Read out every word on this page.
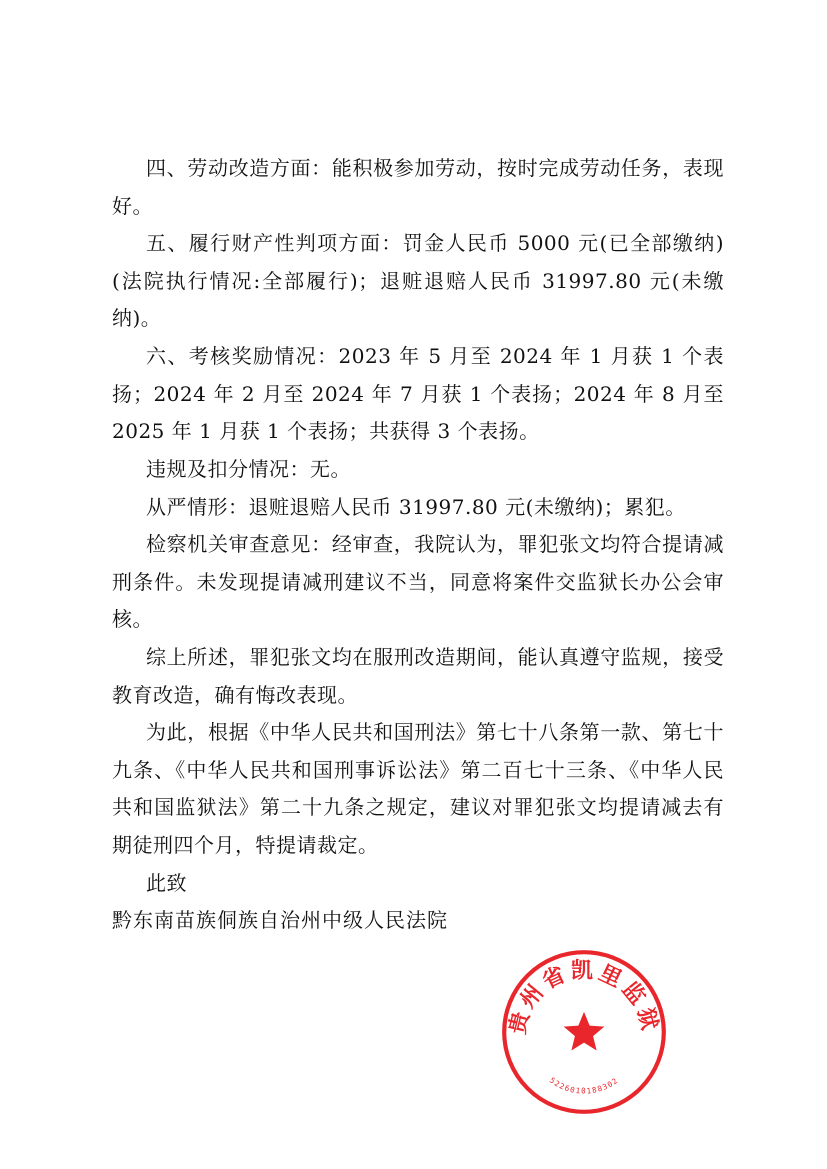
四、劳动改造方面：能积极参加劳动，按时完成劳动任务，表现好。

五、履行财产性判项方面：罚金人民币 5000 元(已全部缴纳)(法院执行情况:全部履行)；退赃退赔人民币 31997.80 元(未缴纳)。

六、考核奖励情况：2023 年 5 月至 2024 年 1 月获 1 个表扬；2024 年 2 月至 2024 年 7 月获 1 个表扬；2024 年 8 月至 2025 年 1 月获 1 个表扬；共获得 3 个表扬。

违规及扣分情况：无。

从严情形：退赃退赔人民币 31997.80 元(未缴纳)；累犯。

检察机关审查意见：经审查，我院认为，罪犯张文均符合提请减刑条件。未发现提请减刑建议不当，同意将案件交监狱长办公会审核。

综上所述，罪犯张文均在服刑改造期间，能认真遵守监规，接受教育改造，确有悔改表现。

为此，根据《中华人民共和国刑法》第七十八条第一款、第七十九条、《中华人民共和国刑事诉讼法》第二百七十三条、《中华人民共和国监狱法》第二十九条之规定，建议对罪犯张文均提请减去有期徒刑四个月，特提请裁定。

此致

黔东南苗族侗族自治州中级人民法院

贵州省凯里监狱
5226010188302
